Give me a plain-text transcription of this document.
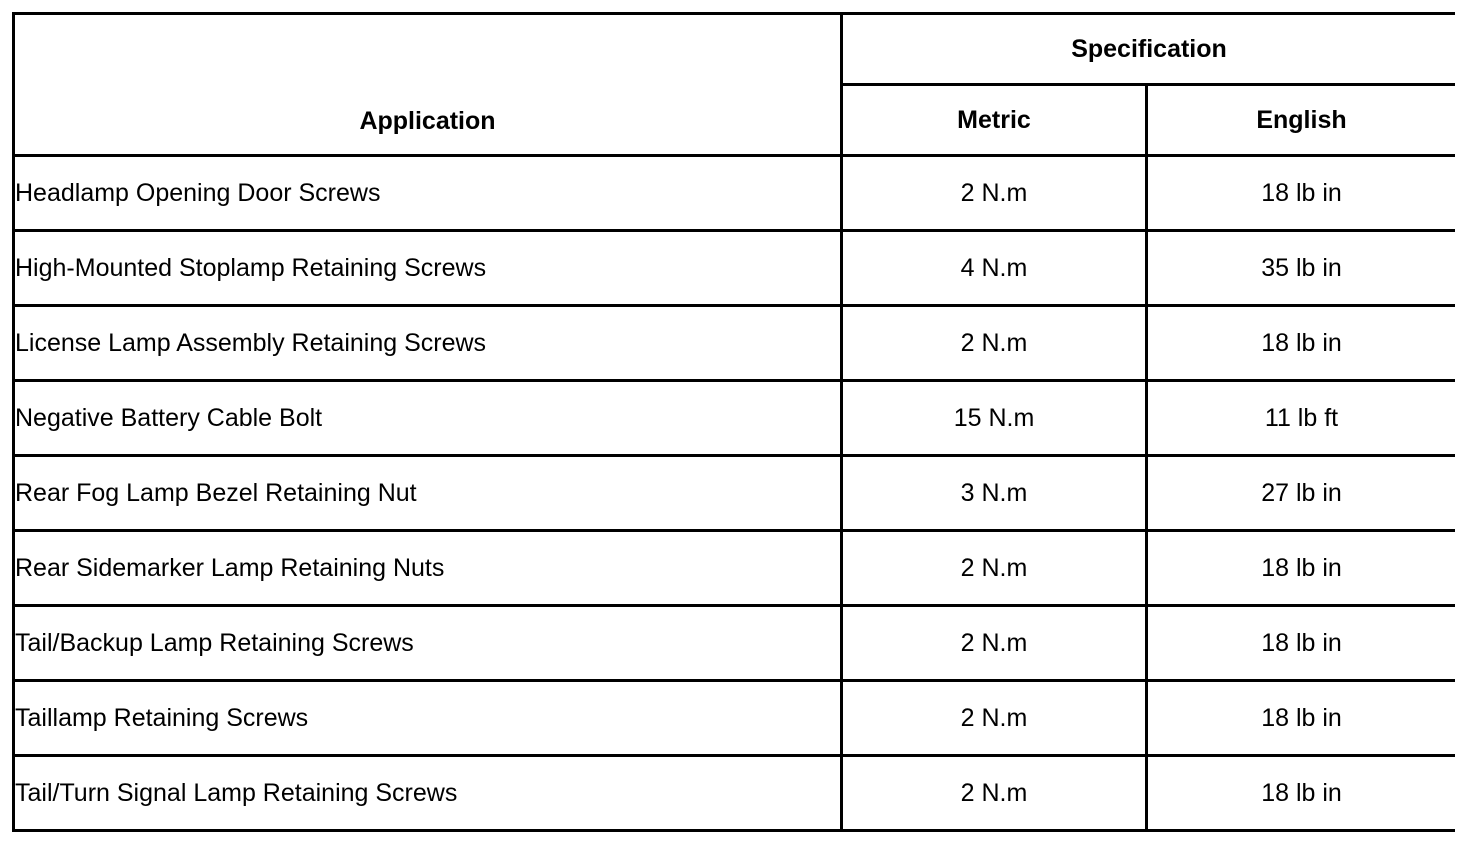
Application	Specification	
	Metric	English
Headlamp Opening Door Screws	2 N.m	18 lb in
High-Mounted Stoplamp Retaining Screws	4 N.m	35 lb in
License Lamp Assembly Retaining Screws	2 N.m	18 lb in
Negative Battery Cable Bolt	15 N.m	11 lb ft
Rear Fog Lamp Bezel Retaining Nut	3 N.m	27 lb in
Rear Sidemarker Lamp Retaining Nuts	2 N.m	18 lb in
Tail/Backup Lamp Retaining Screws	2 N.m	18 lb in
Taillamp Retaining Screws	2 N.m	18 lb in
Tail/Turn Signal Lamp Retaining Screws	2 N.m	18 lb in
